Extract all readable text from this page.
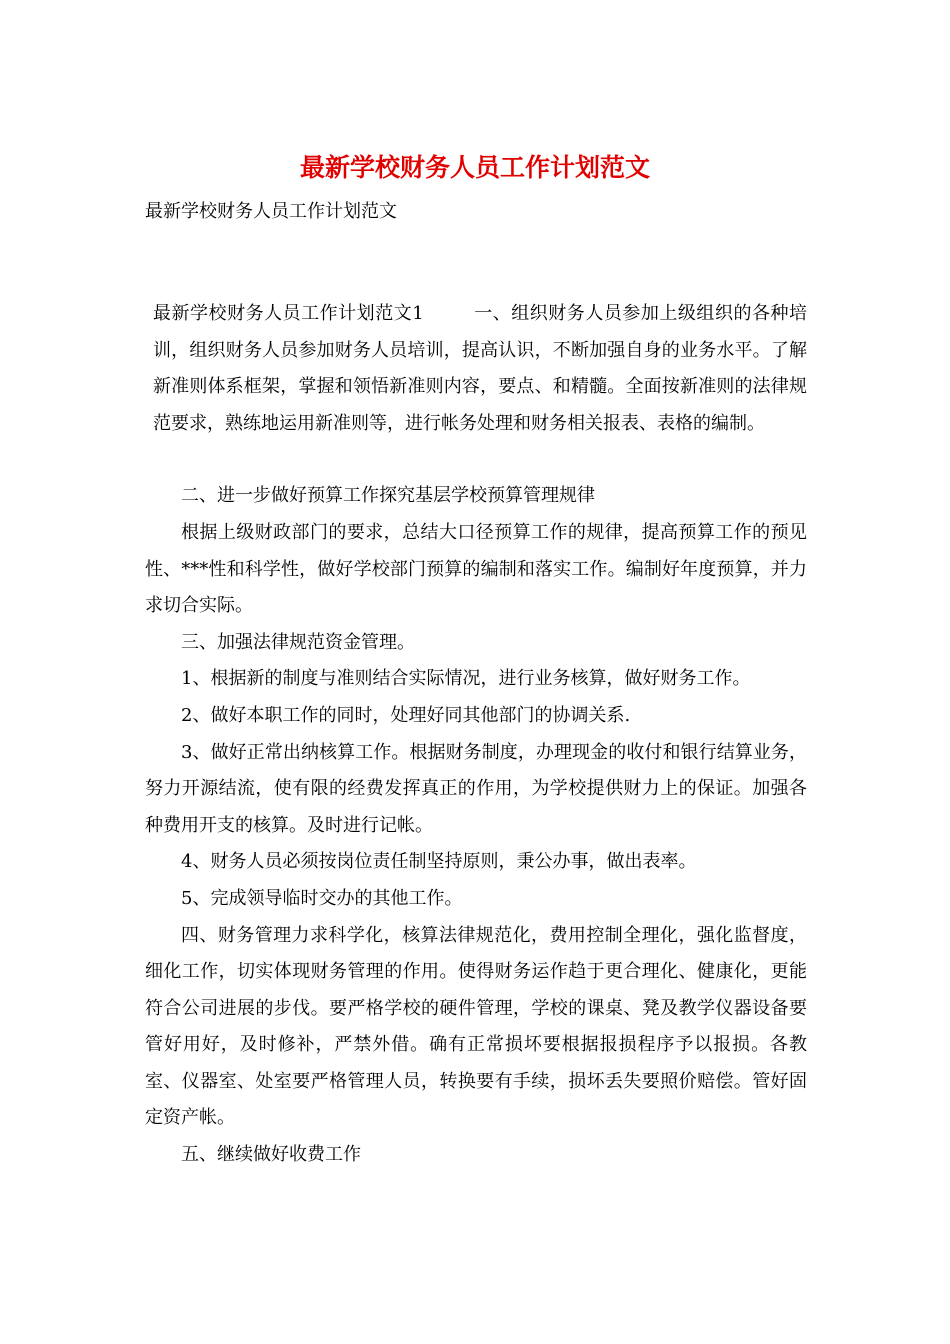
最新学校财务人员工作计划范文

最新学校财务人员工作计划范文

最新学校财务人员工作计划范文1	一、组织财务人员参加上级组织的各种培训，组织财务人员参加财务人员培训，提高认识，不断加强自身的业务水平。了解新准则体系框架，掌握和领悟新准则内容，要点、和精髓。全面按新准则的法律规范要求，熟练地运用新准则等，进行帐务处理和财务相关报表、表格的编制。

二、进一步做好预算工作探究基层学校预算管理规律

根据上级财政部门的要求，总结大口径预算工作的规律，提高预算工作的预见性、***性和科学性，做好学校部门预算的编制和落实工作。编制好年度预算，并力求切合实际。

三、加强法律规范资金管理。

1、根据新的制度与准则结合实际情况，进行业务核算，做好财务工作。

2、做好本职工作的同时，处理好同其他部门的协调关系.

3、做好正常出纳核算工作。根据财务制度，办理现金的收付和银行结算业务，努力开源结流，使有限的经费发挥真正的作用，为学校提供财力上的保证。加强各种费用开支的核算。及时进行记帐。

4、财务人员必须按岗位责任制坚持原则，秉公办事，做出表率。

5、完成领导临时交办的其他工作。

四、财务管理力求科学化，核算法律规范化，费用控制全理化，强化监督度，细化工作，切实体现财务管理的作用。使得财务运作趋于更合理化、健康化，更能符合公司进展的步伐。要严格学校的硬件管理，学校的课桌、凳及教学仪器设备要管好用好，及时修补，严禁外借。确有正常损坏要根据报损程序予以报损。各教室、仪器室、处室要严格管理人员，转换要有手续，损坏丢失要照价赔偿。管好固定资产帐。

五、继续做好收费工作
